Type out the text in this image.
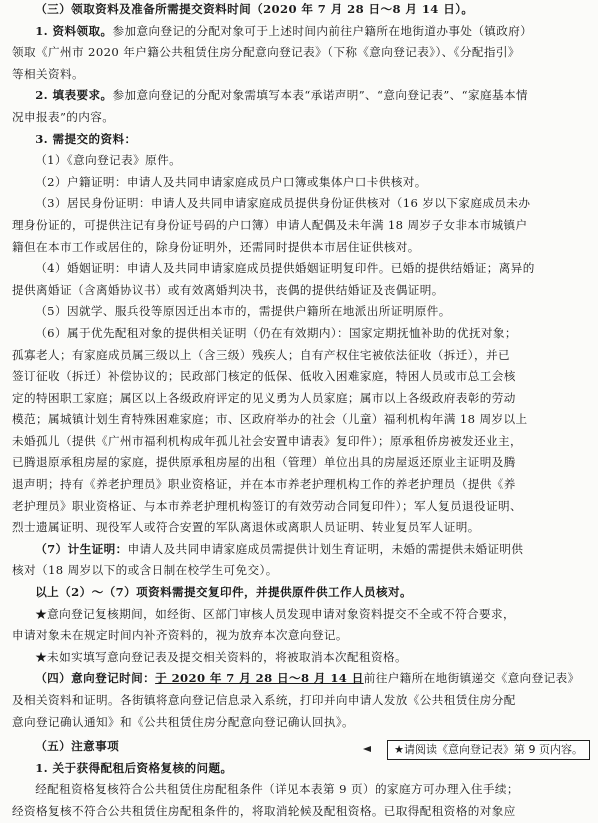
（三）领取资料及准备所需提交资料时间（2020 年 7 月 28 日～8 月 14 日）。

1. 资料领取。参加意向登记的分配对象可于上述时间内前往户籍所在地街道办事处（镇政府）

领取《广州市 2020 年户籍公共租赁住房分配意向登记表》（下称《意向登记表》）、《分配指引》

等相关资料。

2. 填表要求。参加意向登记的分配对象需填写本表“承诺声明”、“意向登记表”、“家庭基本情

况申报表”的内容。

3. 需提交的资料：

（1）《意向登记表》原件。

（2）户籍证明：申请人及共同申请家庭成员户口簿或集体户口卡供核对。

（3）居民身份证明：申请人及共同申请家庭成员提供身份证供核对（16 岁以下家庭成员未办

理身份证的，可提供注记有身份证号码的户口簿）申请人配偶及未年满 18 周岁子女非本市城镇户

籍但在本市工作或居住的，除身份证明外，还需同时提供本市居住证供核对。

（4）婚姻证明：申请人及共同申请家庭成员提供婚姻证明复印件。已婚的提供结婚证；离异的

提供离婚证（含离婚协议书）或有效离婚判决书，丧偶的提供结婚证及丧偶证明。

（5）因就学、服兵役等原因迁出本市的，需提供户籍所在地派出所证明原件。

（6）属于优先配租对象的提供相关证明（仍在有效期内）：国家定期抚恤补助的优抚对象；

孤寡老人；有家庭成员属三级以上（含三级）残疾人；自有产权住宅被依法征收（拆迁），并已

签订征收（拆迁）补偿协议的；民政部门核定的低保、低收入困难家庭，特困人员或市总工会核

定的特困职工家庭；属区以上各级政府评定的见义勇为人员家庭；属市以上各级政府表彰的劳动

模范；属城镇计划生育特殊困难家庭；市、区政府举办的社会（儿童）福利机构年满 18 周岁以上

未婚孤儿（提供《广州市福利机构成年孤儿社会安置申请表》复印件）；原承租侨房被发还业主，

已腾退原承租房屋的家庭，提供原承租房屋的出租（管理）单位出具的房屋返还原业主证明及腾

退声明；持有《养老护理员》职业资格证，并在本市养老护理机构工作的养老护理员（提供《养

老护理员》职业资格证、与本市养老护理机构签订的有效劳动合同复印件）；军人复员退役证明、

烈士遗属证明、现役军人或符合安置的军队离退休或离职人员证明、转业复员军人证明。

（7）计生证明：申请人及共同申请家庭成员需提供计划生育证明，未婚的需提供未婚证明供

核对（18 周岁以下的或含日制在校学生可免交）。

以上（2）～（7）项资料需提交复印件，并提供原件供工作人员核对。

★意向登记复核期间，如经街、区部门审核人员发现申请对象资料提交不全或不符合要求，

申请对象未在规定时间内补齐资料的，视为放弃本次意向登记。

★未如实填写意向登记表及提交相关资料的，将被取消本次配租资格。

（四）意向登记时间：于 2020 年 7 月 28 日～8 月 14 日前往户籍所在地街镇递交《意向登记表》

及相关资料和证明。各街镇将意向登记信息录入系统，打印并向申请人发放《公共租赁住房分配

意向登记确认通知》和《公共租赁住房分配意向登记确认回执》。

（五）注意事项

1. 关于获得配租后资格复核的问题。

经配租资格复核符合公共租赁住房配租条件（详见本表第 9 页）的家庭方可办理入住手续；

经资格复核不符合公共租赁住房配租条件的，将取消轮候及配租资格。已取得配租资格的对象应

★请阅读《意向登记表》第 9 页内容。
